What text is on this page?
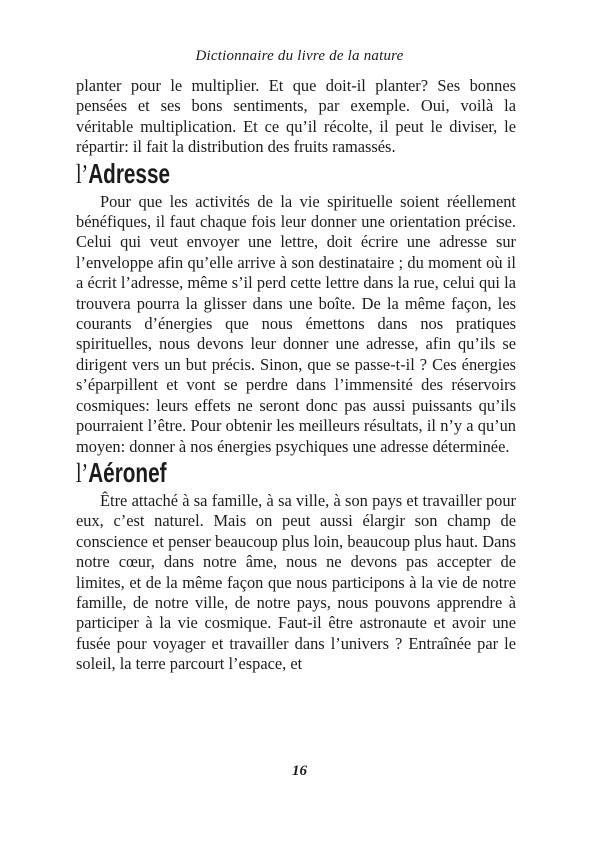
Dictionnaire du livre de la nature

planter pour le multiplier. Et que doit-il planter? Ses bonnes pensées et ses bons sentiments, par exemple. Oui, voilà la véritable multiplication. Et ce qu’il récolte, il peut le diviser, le répartir: il fait la distribution des fruits ramassés.

l’Adresse

Pour que les activités de la vie spirituelle soient réellement bénéfiques, il faut chaque fois leur donner une orientation précise. Celui qui veut envoyer une lettre, doit écrire une adresse sur l’enveloppe afin qu’elle arrive à son destinataire ; du moment où il a écrit l’adresse, même s’il perd cette lettre dans la rue, celui qui la trouvera pourra la glisser dans une boîte. De la même façon, les courants d’énergies que nous émettons dans nos pratiques spirituelles, nous devons leur donner une adresse, afin qu’ils se dirigent vers un but précis. Sinon, que se passe-t-il ? Ces énergies s’éparpillent et vont se perdre dans l’immensité des réservoirs cosmiques: leurs effets ne seront donc pas aussi puissants qu’ils pourraient l’être. Pour obtenir les meilleurs résultats, il n’y a qu’un moyen: donner à nos énergies psychiques une adresse déterminée.

l’Aéronef

Être attaché à sa famille, à sa ville, à son pays et travailler pour eux, c’est naturel. Mais on peut aussi élargir son champ de conscience et penser beaucoup plus loin, beaucoup plus haut. Dans notre cœur, dans notre âme, nous ne devons pas accepter de limites, et de la même façon que nous participons à la vie de notre famille, de notre ville, de notre pays, nous pouvons apprendre à participer à la vie cosmique. Faut-il être astronaute et avoir une fusée pour voyager et travailler dans l’univers ? Entraînée par le soleil, la terre parcourt l’espace, et

16
